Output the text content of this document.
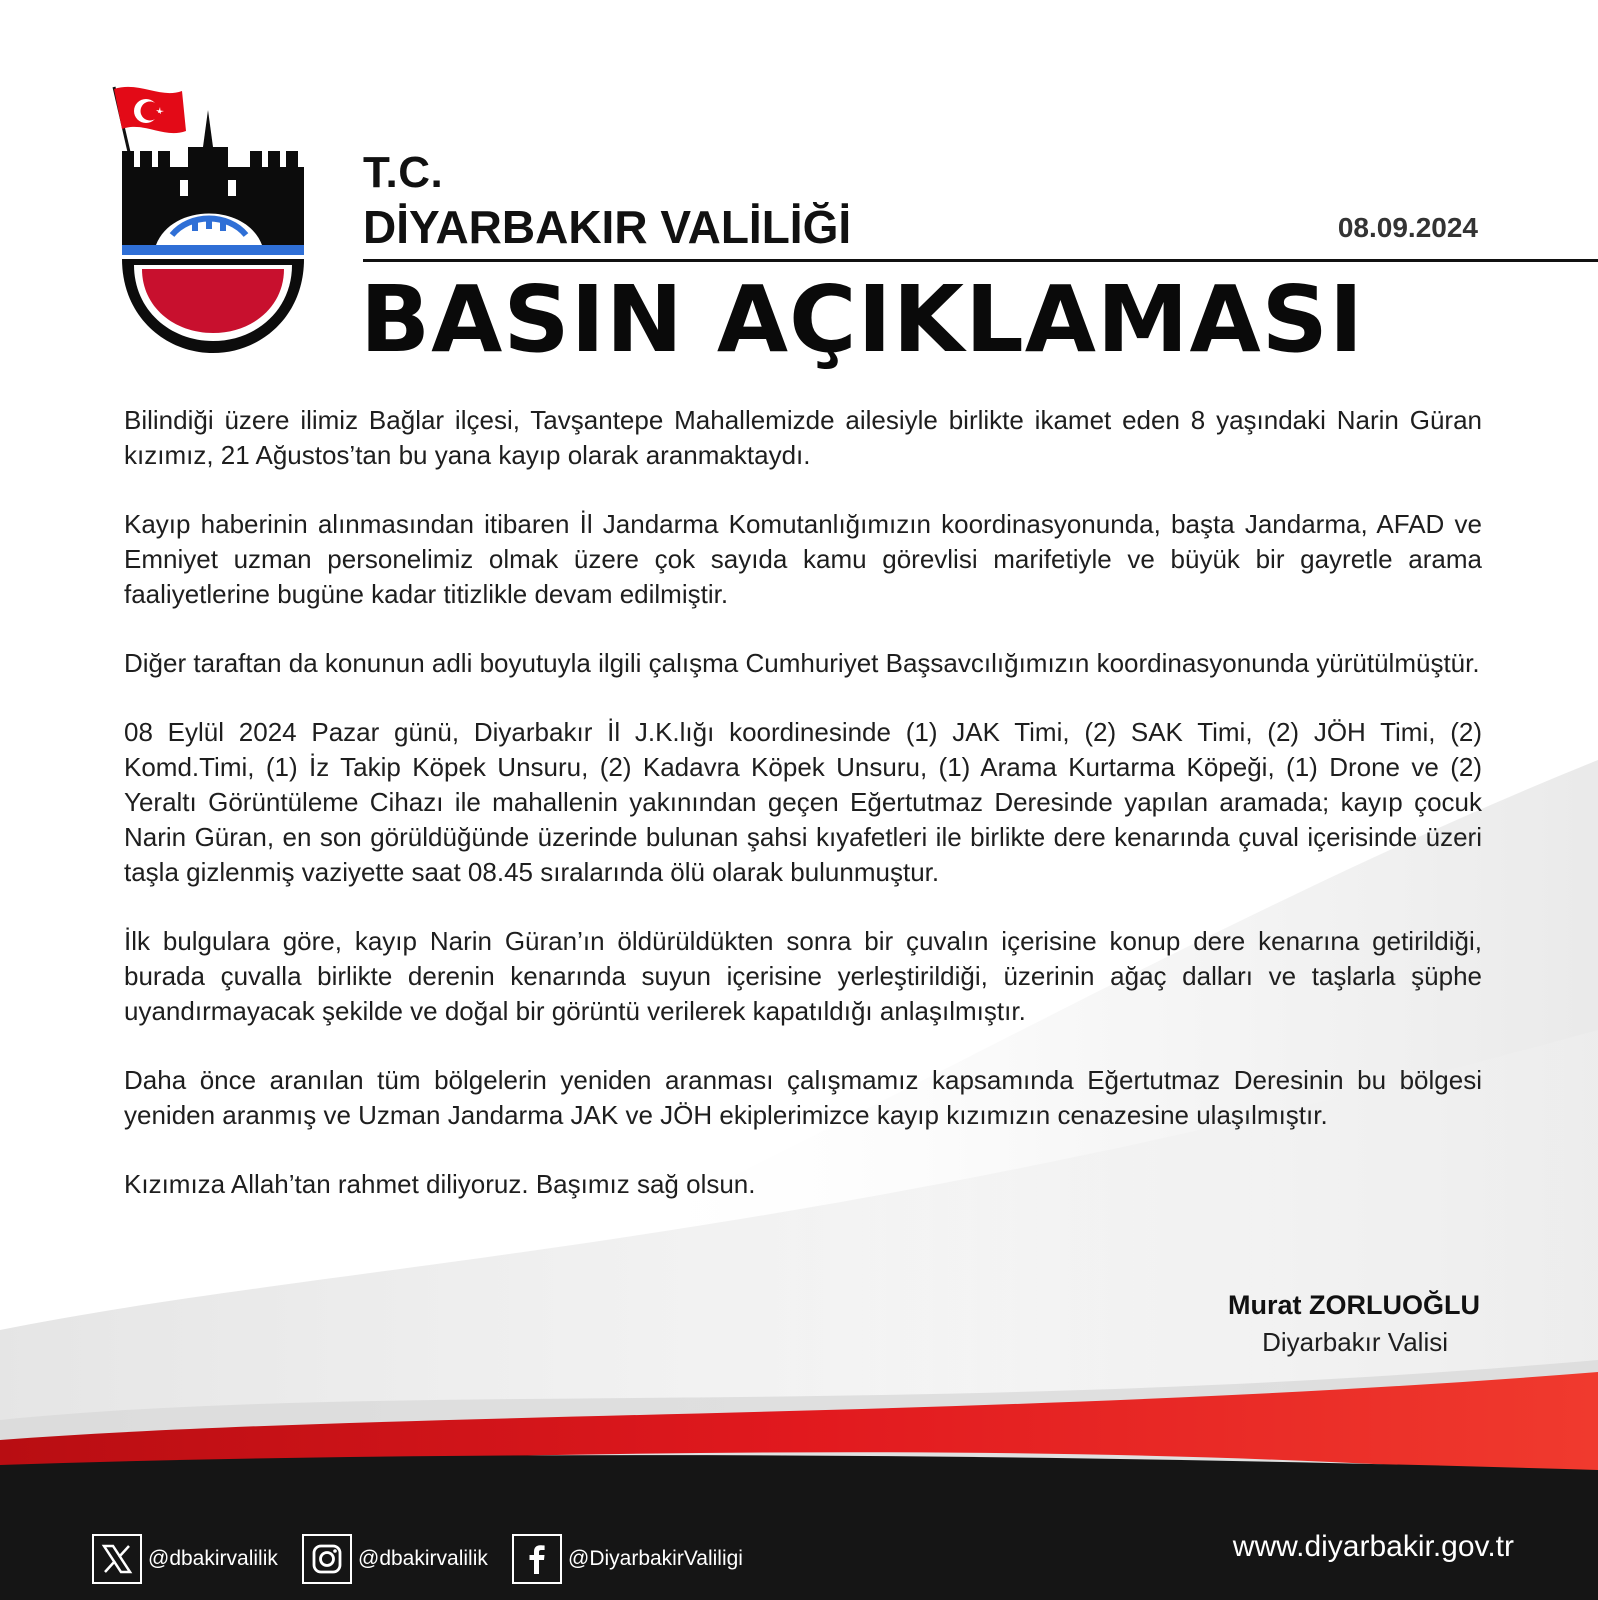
T.C.
DİYARBAKIR VALİLİĞİ	08.09.2024
BASIN AÇIKLAMASI

Bilindiği üzere ilimiz Bağlar ilçesi, Tavşantepe Mahallemizde ailesiyle birlikte ikamet eden 8 yaşındaki Narin Güran kızımız, 21 Ağustos’tan bu yana kayıp olarak aranmaktaydı.

Kayıp haberinin alınmasından itibaren İl Jandarma Komutanlığımızın koordinasyonunda, başta Jandarma, AFAD ve Emniyet uzman personelimiz olmak üzere çok sayıda kamu görevlisi marifetiyle ve büyük bir gayretle arama faaliyetlerine bugüne kadar titizlikle devam edilmiştir.

Diğer taraftan da konunun adli boyutuyla ilgili çalışma Cumhuriyet Başsavcılığımızın koordinasyonunda yürütülmüştür.

08 Eylül 2024 Pazar günü, Diyarbakır İl J.K.lığı koordinesinde (1) JAK Timi, (2) SAK Timi, (2) JÖH Timi, (2) Komd.Timi, (1) İz Takip Köpek Unsuru, (2) Kadavra Köpek Unsuru, (1) Arama Kurtarma Köpeği, (1) Drone ve (2) Yeraltı Görüntüleme Cihazı ile mahallenin yakınından geçen Eğertutmaz Deresinde yapılan aramada; kayıp çocuk Narin Güran, en son görüldüğünde üzerinde bulunan şahsi kıyafetleri ile birlikte dere kenarında çuval içerisinde üzeri taşla gizlenmiş vaziyette saat 08.45 sıralarında ölü olarak bulunmuştur.

İlk bulgulara göre, kayıp Narin Güran’ın öldürüldükten sonra bir çuvalın içerisine konup dere kenarına getirildiği, burada çuvalla birlikte derenin kenarında suyun içerisine yerleştirildiği, üzerinin ağaç dalları ve taşlarla şüphe uyandırmayacak şekilde ve doğal bir görüntü verilerek kapatıldığı anlaşılmıştır.

Daha önce aranılan tüm bölgelerin yeniden aranması çalışmamız kapsamında Eğertutmaz Deresinin bu bölgesi yeniden aranmış ve Uzman Jandarma JAK ve JÖH ekiplerimizce kayıp kızımızın cenazesine ulaşılmıştır.

Kızımıza Allah’tan rahmet diliyoruz. Başımız sağ olsun.

Murat ZORLUOĞLU
Diyarbakır Valisi
@dbakirvalilik	@dbakirvalilik	@DiyarbakirValiligi	www.diyarbakir.gov.tr
